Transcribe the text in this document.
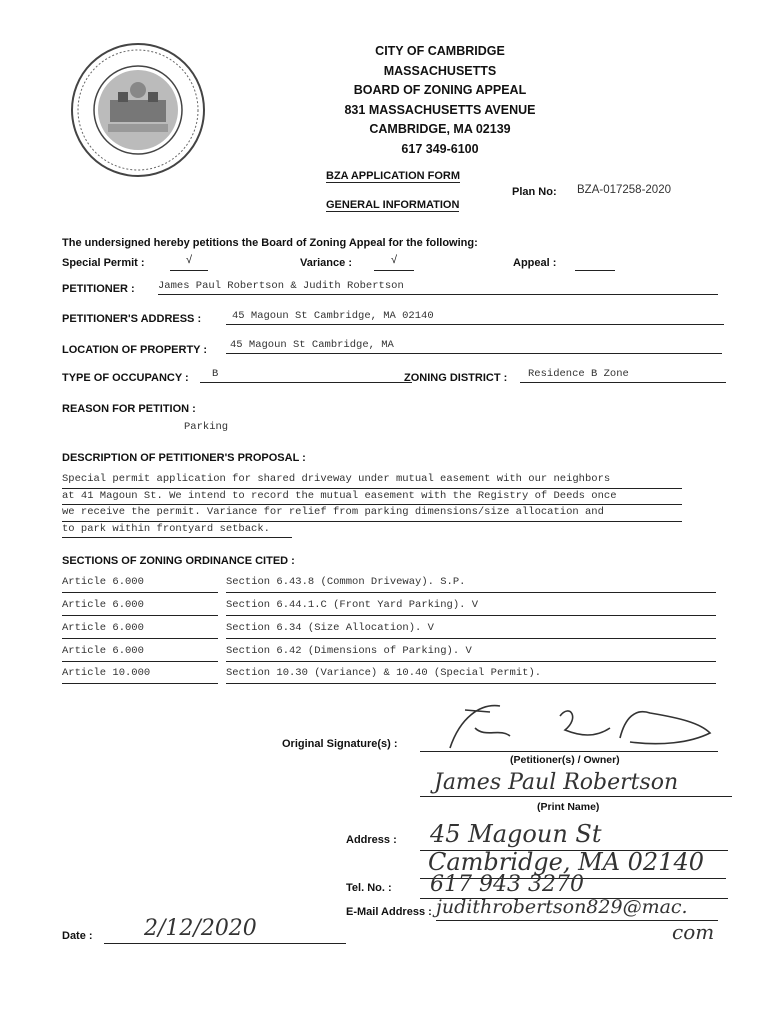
CITY OF CAMBRIDGE
MASSACHUSETTS
BOARD OF ZONING APPEAL
831 MASSACHUSETTS AVENUE
CAMBRIDGE, MA 02139
617 349-6100
BZA APPLICATION FORM
GENERAL INFORMATION
Plan No: BZA-017258-2020
The undersigned hereby petitions the Board of Zoning Appeal for the following:
Special Permit :	√	Variance :	√	Appeal :
PETITIONER : James Paul Robertson & Judith Robertson
PETITIONER'S ADDRESS :	45 Magoun St Cambridge, MA 02140
LOCATION OF PROPERTY :	45 Magoun St Cambridge, MA
TYPE OF OCCUPANCY :	B	ZONING DISTRICT :	Residence B Zone
REASON FOR PETITION :
Parking
DESCRIPTION OF PETITIONER'S PROPOSAL :
Special permit application for shared driveway under mutual easement with our neighbors
at 41 Magoun St. We intend to record the mutual easement with the Registry of Deeds once
we receive the permit. Variance for relief from parking dimensions/size allocation and
to park within frontyard setback.
SECTIONS OF ZONING ORDINANCE CITED :
Article 6.000	Section 6.43.8 (Common Driveway). S.P.
Article 6.000	Section 6.44.1.C (Front Yard Parking). V
Article 6.000	Section 6.34 (Size Allocation). V
Article 6.000	Section 6.42 (Dimensions of Parking). V
Article 10.000	Section 10.30 (Variance) & 10.40 (Special Permit).
Original Signature(s) :
(Petitioner(s) / Owner)
James Paul Robertson
(Print Name)
Address :	45 Magoun St
Cambridge, MA 02140
Tel. No. :	617 943 3270
E-Mail Address : judithrobertson829@mac.
com
Date :	2/12/2020
